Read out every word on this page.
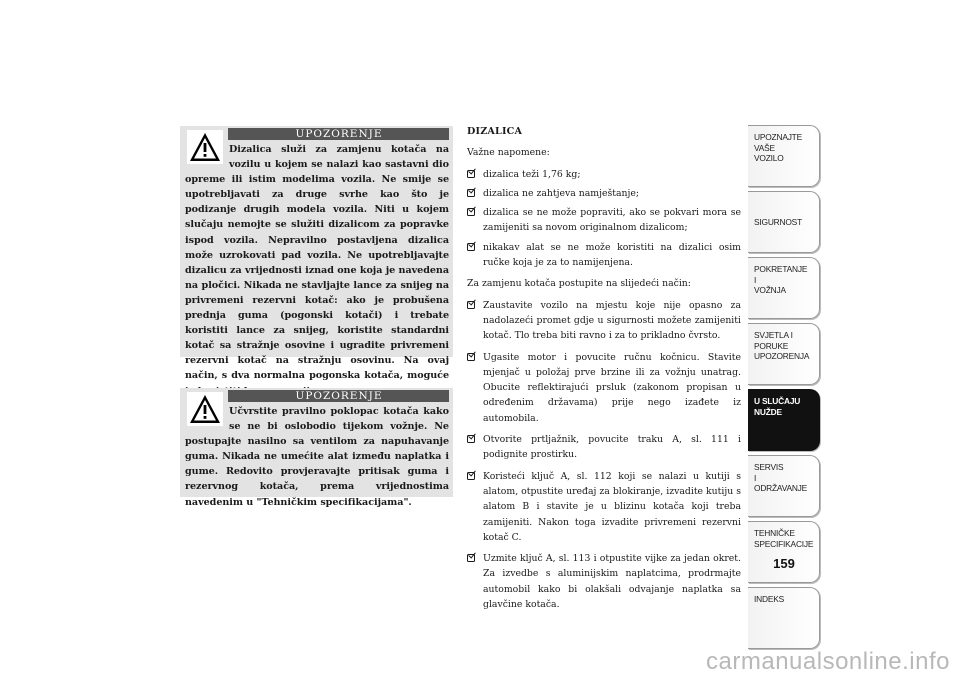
UPOZORENJE
Dizalica služi za zamjenu kotača na vozilu u kojem se nalazi kao sastavni dio opreme ili istim modelima vozila. Ne smije se upotrebljavati za druge svrhe kao što je podizanje drugih modela vozila. Niti u kojem slučaju nemojte se služiti dizalicom za popravke ispod vozila. Nepravilno postavljena dizalica može uzrokovati pad vozila. Ne upotrebljavajte dizalicu za vrijednosti iznad one koja je navedena na pločici. Nikada ne stavljajte lance za snijeg na privremeni rezervni kotač: ako je probušena prednja guma (pogonski kotači) i trebate koristiti lance za snijeg, koristite standardni kotač sa stražnje osovine i ugradite privremeni rezervni kotač na stražnju osovinu. Na ovaj način, s dva normalna pogonska kotača, moguće
UPOZORENJE
Učvrstite pravilno poklopac kotača kako se ne bi oslobodio tijekom vožnje. Ne postupajte nasilno sa ventilom za napuhavanje guma. Nikada ne umećite alat između naplatka i gume. Redovito provjeravajte pritisak guma i rezervnog kotača, prema vrijednostima navedenim u "Tehničkim specifikacijama".
DIZALICA
Važne napomene:
dizalica teži 1,76 kg;
dizalica ne zahtjeva namještanje;
dizalica se ne može popraviti, ako se pokvari mora se zamijeniti sa novom originalnom dizalicom;
nikakav alat se ne može koristiti na dizalici osim ručke koja je za to namijenjena.
Za zamjenu kotača postupite na slijedeći način:
Zaustavite vozilo na mjestu koje nije opasno za nadolazeći promet gdje u sigurnosti možete zamijeniti kotač. Tlo treba biti ravno i za to prikladno čvrsto.
Ugasite motor i povucite ručnu kočnicu. Stavite mjenjač u položaj prve brzine ili za vožnju unatrag. Obucite reflektirajući prsluk (zakonom propisan u određenim državama) prije nego izađete iz automobila.
Otvorite prtljažnik, povucite traku A, sl. 111 i podignite prostirku.
Koristeći ključ A, sl. 112 koji se nalazi u kutiji s alatom, otpustite uređaj za blokiranje, izvadite kutiju s alatom B i stavite je u blizinu kotača koji treba zamijeniti. Nakon toga izvadite privremeni rezervni kotač C.
Uzmite ključ A, sl. 113 i otpustite vijke za jedan okret. Za izvedbe s aluminijskim naplatcima, prodrmajte automobil kako bi olakšali odvajanje naplatka sa glavčine kotača.
UPOZNAJTE
VAŠE
VOZILO
SIGURNOST
POKRETANJE
I
VOŽNJA
SVJETLA I
PORUKE
UPOZORENJA
U SLUČAJU
NUŽDE
SERVIS
I
ODRŽAVANJE
TEHNIČKE
SPECIFIKACIJE
INDEKS
159
carmanualsonline.info
